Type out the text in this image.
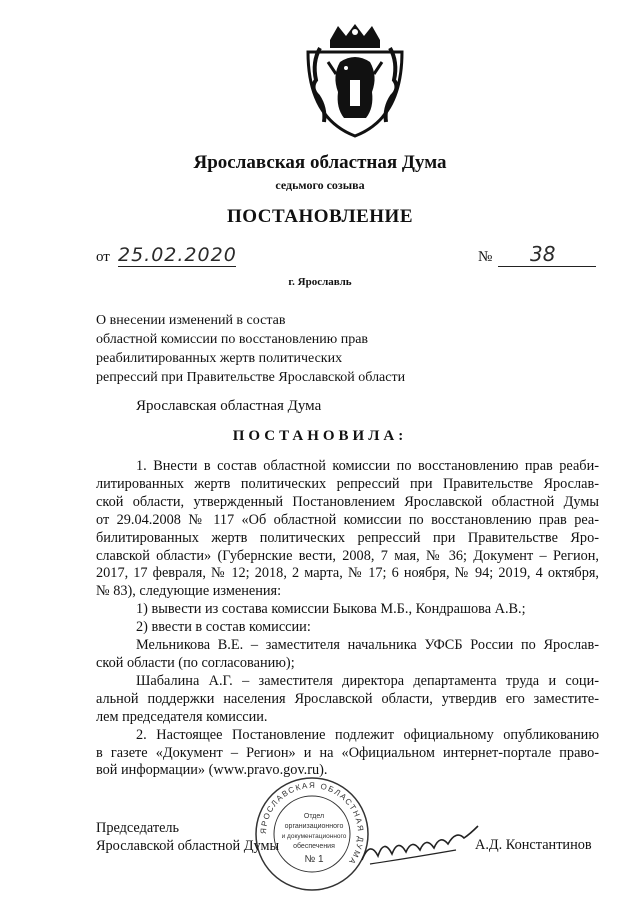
Ярославская областная Дума
седьмого созыва
ПОСТАНОВЛЕНИЕ
от 25.02.2020	№ 38
г. Ярославль
О внесении изменений в состав
областной комиссии по восстановлению прав
реабилитированных жертв политических
репрессий при Правительстве Ярославской области
Ярославская областная Дума
ПОСТАНОВИЛА:
1. Внести в состав областной комиссии по восстановлению прав реаби-
литированных жертв политических репрессий при Правительстве Ярослав-
ской области, утвержденный Постановлением Ярославской областной Думы
от 29.04.2008 № 117 «Об областной комиссии по восстановлению прав реа-
билитированных жертв политических репрессий при Правительстве Яро-
славской области» (Губернские вести, 2008, 7 мая, № 36; Документ – Регион,
2017, 17 февраля, № 12; 2018, 2 марта, № 17; 6 ноября, № 94; 2019, 4 октября,
№ 83), следующие изменения:
1) вывести из состава комиссии Быкова М.Б., Кондрашова А.В.;
2) ввести в состав комиссии:
Мельникова В.Е. – заместителя начальника УФСБ России по Ярослав-
ской области (по согласованию);
Шабалина А.Г. – заместителя директора департамента труда и соци-
альной поддержки населения Ярославской области, утвердив его заместите-
лем председателя комиссии.
2. Настоящее Постановление подлежит официальному опубликованию
в газете «Документ – Регион» и на «Официальном интернет-портале право-
вой информации» (www.pravo.gov.ru).
ЯРОСЛАВСКАЯ ОБЛАСТНАЯ ДУМА
Отдел
организационного
и документационного
обеспечения
№ 1
Председатель
Ярославской областной Думы	А.Д. Константинов
